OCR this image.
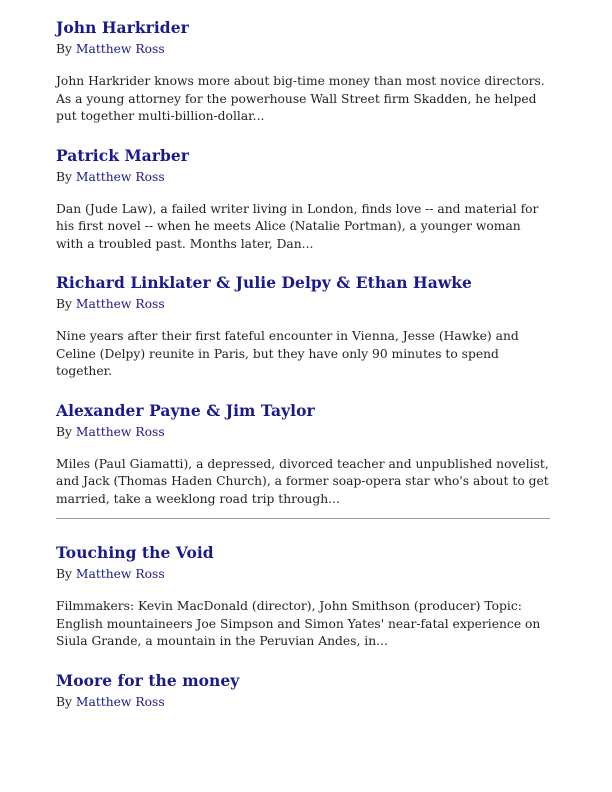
John Harkrider
By Matthew Ross
John Harkrider knows more about big-time money than most novice directors. As a young attorney for the powerhouse Wall Street firm Skadden, he helped put together multi-billion-dollar...
Patrick Marber
By Matthew Ross
Dan (Jude Law), a failed writer living in London, finds love -- and material for his first novel -- when he meets Alice (Natalie Portman), a younger woman with a troubled past. Months later, Dan...
Richard Linklater & Julie Delpy & Ethan Hawke
By Matthew Ross
Nine years after their first fateful encounter in Vienna, Jesse (Hawke) and Celine (Delpy) reunite in Paris, but they have only 90 minutes to spend together.
Alexander Payne & Jim Taylor
By Matthew Ross
Miles (Paul Giamatti), a depressed, divorced teacher and unpublished novelist, and Jack (Thomas Haden Church), a former soap-opera star who's about to get married, take a weeklong road trip through...
Touching the Void
By Matthew Ross
Filmmakers: Kevin MacDonald (director), John Smithson (producer) Topic: English mountaineers Joe Simpson and Simon Yates' near-fatal experience on Siula Grande, a mountain in the Peruvian Andes, in...
Moore for the money
By Matthew Ross
